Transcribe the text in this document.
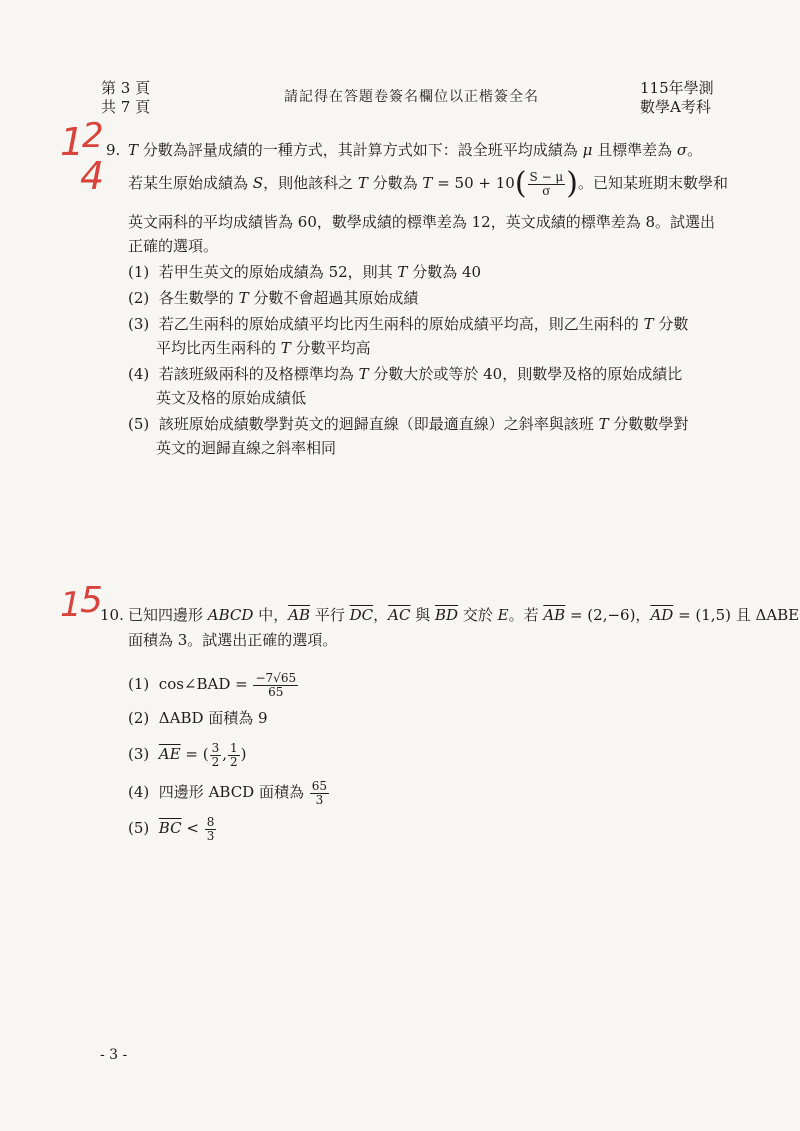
第 3 頁
共 7 頁
請記得在答題卷簽名欄位以正楷簽全名	115年學測
數學A考科
1
2
4
1
5
9. T 分數為評量成績的一種方式，其計算方式如下：設全班平均成績為 μ 且標準差為 σ。
若某生原始成績為 S，則他該科之 T 分數為 $T = 50 + 10( \frac{S - \mu}{\sigma}$ )。已知某班期末數學和
英文兩科的平均成績皆為 60，數學成績的標準差為 12，英文成績的標準差為 8。試選出
正確的選項。
(1) 若甲生英文的原始成績為 52，則其 T 分數為 40
(2) 各生數學的 T 分數不會超過其原始成績
(3) 若乙生兩科的原始成績平均比丙生兩科的原始成績平均高，則乙生兩科的 T 分數
平均比丙生兩科的 T 分數平均高
(4) 若該班級兩科的及格標準均為 T 分數大於或等於 40，則數學及格的原始成績比
英文及格的原始成績低
(5) 該班原始成績數學對英文的迴歸直線（即最適直線）之斜率與該班 T 分數數學對
英文的迴歸直線之斜率相同
10. 已知四邊形 ABCD 中，$\overline{AB}$ 平行 $\overline{DC}$，$\overline{AC}$ 與 $\overline{BD}$ 交於 E。若 $\overline{AB} = (2,-6)$，$\overline{AD} = (1,5)$ 且 ΔABE
面積為 3。試選出正確的選項。
(1) cos∠BAD = $\frac{-7√65}{65}$
(2) ΔABD 面積為 9
(3) $\overline{AE}$ = ( $\frac{3}{2}$ , $\frac{1}{2}$ )
(4) 四邊形 ABCD 面積為 $\frac{65}{3}$
(5) $\overline{BC} < \frac{8}{3}$
- 3 -
